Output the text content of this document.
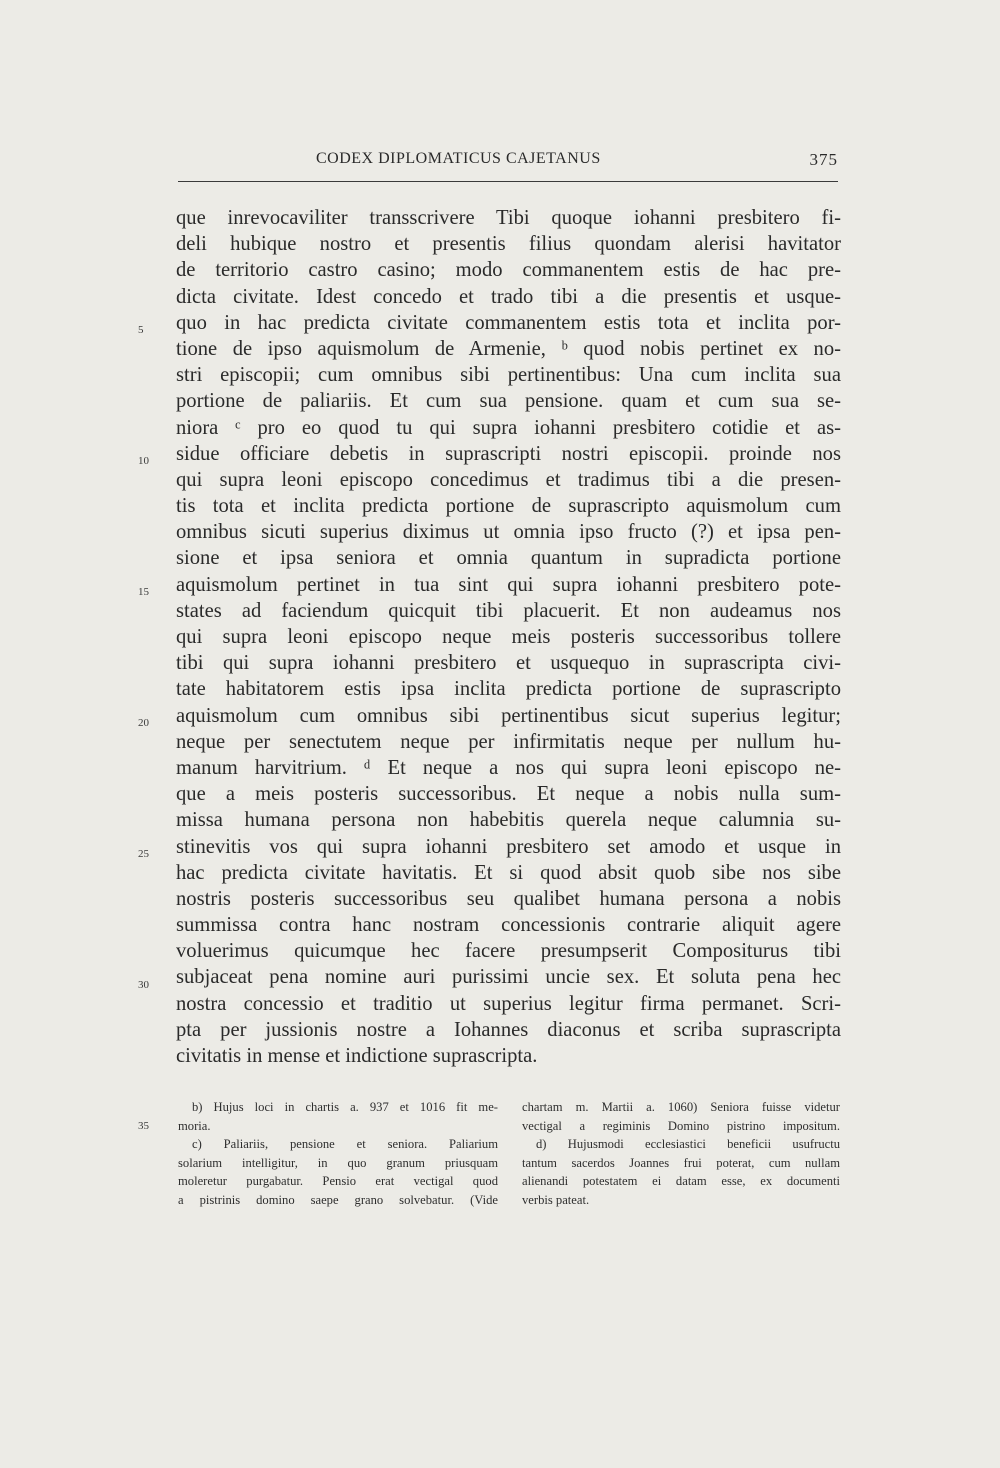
CODEX DIPLOMATICUS CAJETANUS	375
5
10
15
20
25
30
35
que inrevocaviliter transscrivere Tibi quoque iohanni presbitero fi-
deli hubique nostro et presentis filius quondam alerisi havitator
de territorio castro casino; modo commanentem estis de hac pre-
dicta civitate. Idest concedo et trado tibi a die presentis et usque-
quo in hac predicta civitate commanentem estis tota et inclita por-
tione de ipso aquismolum de Armenie, ᵇ quod nobis pertinet ex no-
stri episcopii; cum omnibus sibi pertinentibus: Una cum inclita sua
portione de paliariis. Et cum sua pensione. quam et cum sua se-
niora ᶜ pro eo quod tu qui supra iohanni presbitero cotidie et as-
sidue officiare debetis in suprascripti nostri episcopii. proinde nos
qui supra leoni episcopo concedimus et tradimus tibi a die presen-
tis tota et inclita predicta portione de suprascripto aquismolum cum
omnibus sicuti superius diximus ut omnia ipso fructo (?) et ipsa pen-
sione et ipsa seniora et omnia quantum in supradicta portione
aquismolum pertinet in tua sint qui supra iohanni presbitero pote-
states ad faciendum quicquit tibi placuerit. Et non audeamus nos
qui supra leoni episcopo neque meis posteris successoribus tollere
tibi qui supra iohanni presbitero et usquequo in suprascripta civi-
tate habitatorem estis ipsa inclita predicta portione de suprascripto
aquismolum cum omnibus sibi pertinentibus sicut superius legitur;
neque per senectutem neque per infirmitatis neque per nullum hu-
manum harvitrium. ᵈ Et neque a nos qui supra leoni episcopo ne-
que a meis posteris successoribus. Et neque a nobis nulla sum-
missa humana persona non habebitis querela neque calumnia su-
stinevitis vos qui supra iohanni presbitero set amodo et usque in
hac predicta civitate havitatis. Et si quod absit quob sibe nos sibe
nostris posteris successoribus seu qualibet humana persona a nobis
summissa contra hanc nostram concessionis contrarie aliquit agere
voluerimus quicumque hec facere presumpserit Compositurus tibi
subjaceat pena nomine auri purissimi uncie sex. Et soluta pena hec
nostra concessio et traditio ut superius legitur firma permanet. Scri-
pta per jussionis nostre a Iohannes diaconus et scriba suprascripta
civitatis in mense et indictione suprascripta.
b) Hujus loci in chartis a. 937 et 1016 fit me-
moria.
c) Paliariis, pensione et seniora. Paliarium
solarium intelligitur, in quo granum priusquam
moleretur purgabatur. Pensio erat vectigal quod
a pistrinis domino saepe grano solvebatur. (Vide
chartam m. Martii a. 1060) Seniora fuisse videtur
vectigal a regiminis Domino pistrino impositum.
d) Hujusmodi ecclesiastici beneficii usufructu
tantum sacerdos Joannes frui poterat, cum nullam
alienandi potestatem ei datam esse, ex documenti
verbis pateat.
